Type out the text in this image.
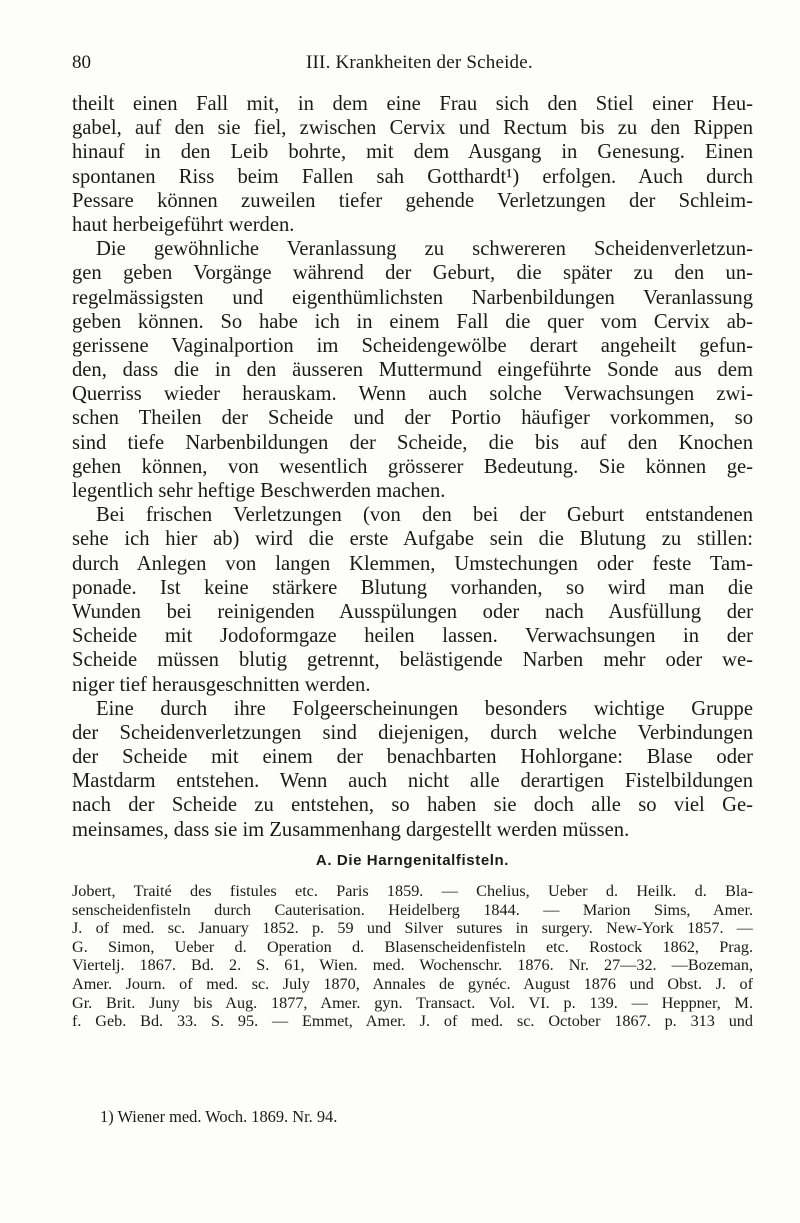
80	III. Krankheiten der Scheide.
theilt einen Fall mit, in dem eine Frau sich den Stiel einer Heu-
gabel, auf den sie fiel, zwischen Cervix und Rectum bis zu den Rippen
hinauf in den Leib bohrte, mit dem Ausgang in Genesung. Einen
spontanen Riss beim Fallen sah Gotthardt¹) erfolgen. Auch durch
Pessare können zuweilen tiefer gehende Verletzungen der Schleim-
haut herbeigeführt werden.
Die gewöhnliche Veranlassung zu schwereren Scheidenverletzun-
gen geben Vorgänge während der Geburt, die später zu den un-
regelmässigsten und eigenthümlichsten Narbenbildungen Veranlassung
geben können. So habe ich in einem Fall die quer vom Cervix ab-
gerissene Vaginalportion im Scheidengewölbe derart angeheilt gefun-
den, dass die in den äusseren Muttermund eingeführte Sonde aus dem
Querriss wieder herauskam. Wenn auch solche Verwachsungen zwi-
schen Theilen der Scheide und der Portio häufiger vorkommen, so
sind tiefe Narbenbildungen der Scheide, die bis auf den Knochen
gehen können, von wesentlich grösserer Bedeutung. Sie können ge-
legentlich sehr heftige Beschwerden machen.
Bei frischen Verletzungen (von den bei der Geburt entstandenen
sehe ich hier ab) wird die erste Aufgabe sein die Blutung zu stillen:
durch Anlegen von langen Klemmen, Umstechungen oder feste Tam-
ponade. Ist keine stärkere Blutung vorhanden, so wird man die
Wunden bei reinigenden Ausspülungen oder nach Ausfüllung der
Scheide mit Jodoformgaze heilen lassen. Verwachsungen in der
Scheide müssen blutig getrennt, belästigende Narben mehr oder we-
niger tief herausgeschnitten werden.
Eine durch ihre Folgeerscheinungen besonders wichtige Gruppe
der Scheidenverletzungen sind diejenigen, durch welche Verbindungen
der Scheide mit einem der benachbarten Hohlorgane: Blase oder
Mastdarm entstehen. Wenn auch nicht alle derartigen Fistelbildungen
nach der Scheide zu entstehen, so haben sie doch alle so viel Ge-
meinsames, dass sie im Zusammenhang dargestellt werden müssen.
A. Die Harngenitalfisteln.
Jobert, Traité des fistules etc. Paris 1859. — Chelius, Ueber d. Heilk. d. Bla-
senscheidenfisteln durch Cauterisation. Heidelberg 1844. — Marion Sims, Amer.
J. of med. sc. January 1852. p. 59 und Silver sutures in surgery. New-York 1857. —
G. Simon, Ueber d. Operation d. Blasenscheidenfisteln etc. Rostock 1862, Prag.
Viertelj. 1867. Bd. 2. S. 61, Wien. med. Wochenschr. 1876. Nr. 27—32. —Bozeman,
Amer. Journ. of med. sc. July 1870, Annales de gynéc. August 1876 und Obst. J. of
Gr. Brit. Juny bis Aug. 1877, Amer. gyn. Transact. Vol. VI. p. 139. — Heppner, M.
f. Geb. Bd. 33. S. 95. — Emmet, Amer. J. of med. sc. October 1867. p. 313 und
1) Wiener med. Woch. 1869. Nr. 94.
